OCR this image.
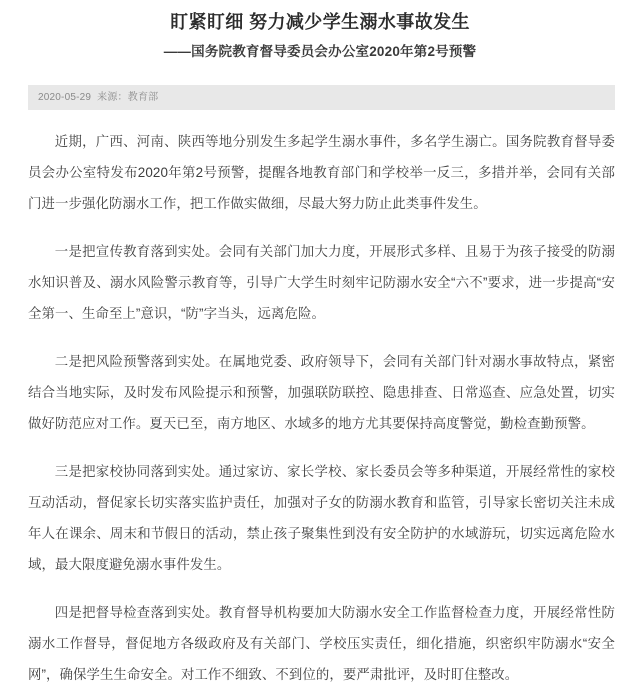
盯紧盯细 努力减少学生溺水事故发生
——国务院教育督导委员会办公室2020年第2号预警
2020-05-29 来源：教育部

近期，广西、河南、陕西等地分别发生多起学生溺水事件，多名学生溺亡。国务院教育督导委员会办公室特发布2020年第2号预警，提醒各地教育部门和学校举一反三，多措并举，会同有关部门进一步强化防溺水工作，把工作做实做细，尽最大努力防止此类事件发生。

一是把宣传教育落到实处。会同有关部门加大力度，开展形式多样、且易于为孩子接受的防溺水知识普及、溺水风险警示教育等，引导广大学生时刻牢记防溺水安全“六不”要求，进一步提高“安全第一、生命至上”意识，“防”字当头，远离危险。

二是把风险预警落到实处。在属地党委、政府领导下，会同有关部门针对溺水事故特点，紧密结合当地实际，及时发布风险提示和预警，加强联防联控、隐患排查、日常巡查、应急处置，切实做好防范应对工作。夏天已至，南方地区、水域多的地方尤其要保持高度警觉，勤检查勤预警。

三是把家校协同落到实处。通过家访、家长学校、家长委员会等多种渠道，开展经常性的家校互动活动，督促家长切实落实监护责任，加强对子女的防溺水教育和监管，引导家长密切关注未成年人在课余、周末和节假日的活动，禁止孩子聚集性到没有安全防护的水域游玩，切实远离危险水域，最大限度避免溺水事件发生。

四是把督导检查落到实处。教育督导机构要加大防溺水安全工作监督检查力度，开展经常性防溺水工作督导，督促地方各级政府及有关部门、学校压实责任，细化措施，织密织牢防溺水“安全网”，确保学生生命安全。对工作不细致、不到位的，要严肃批评，及时盯住整改。
